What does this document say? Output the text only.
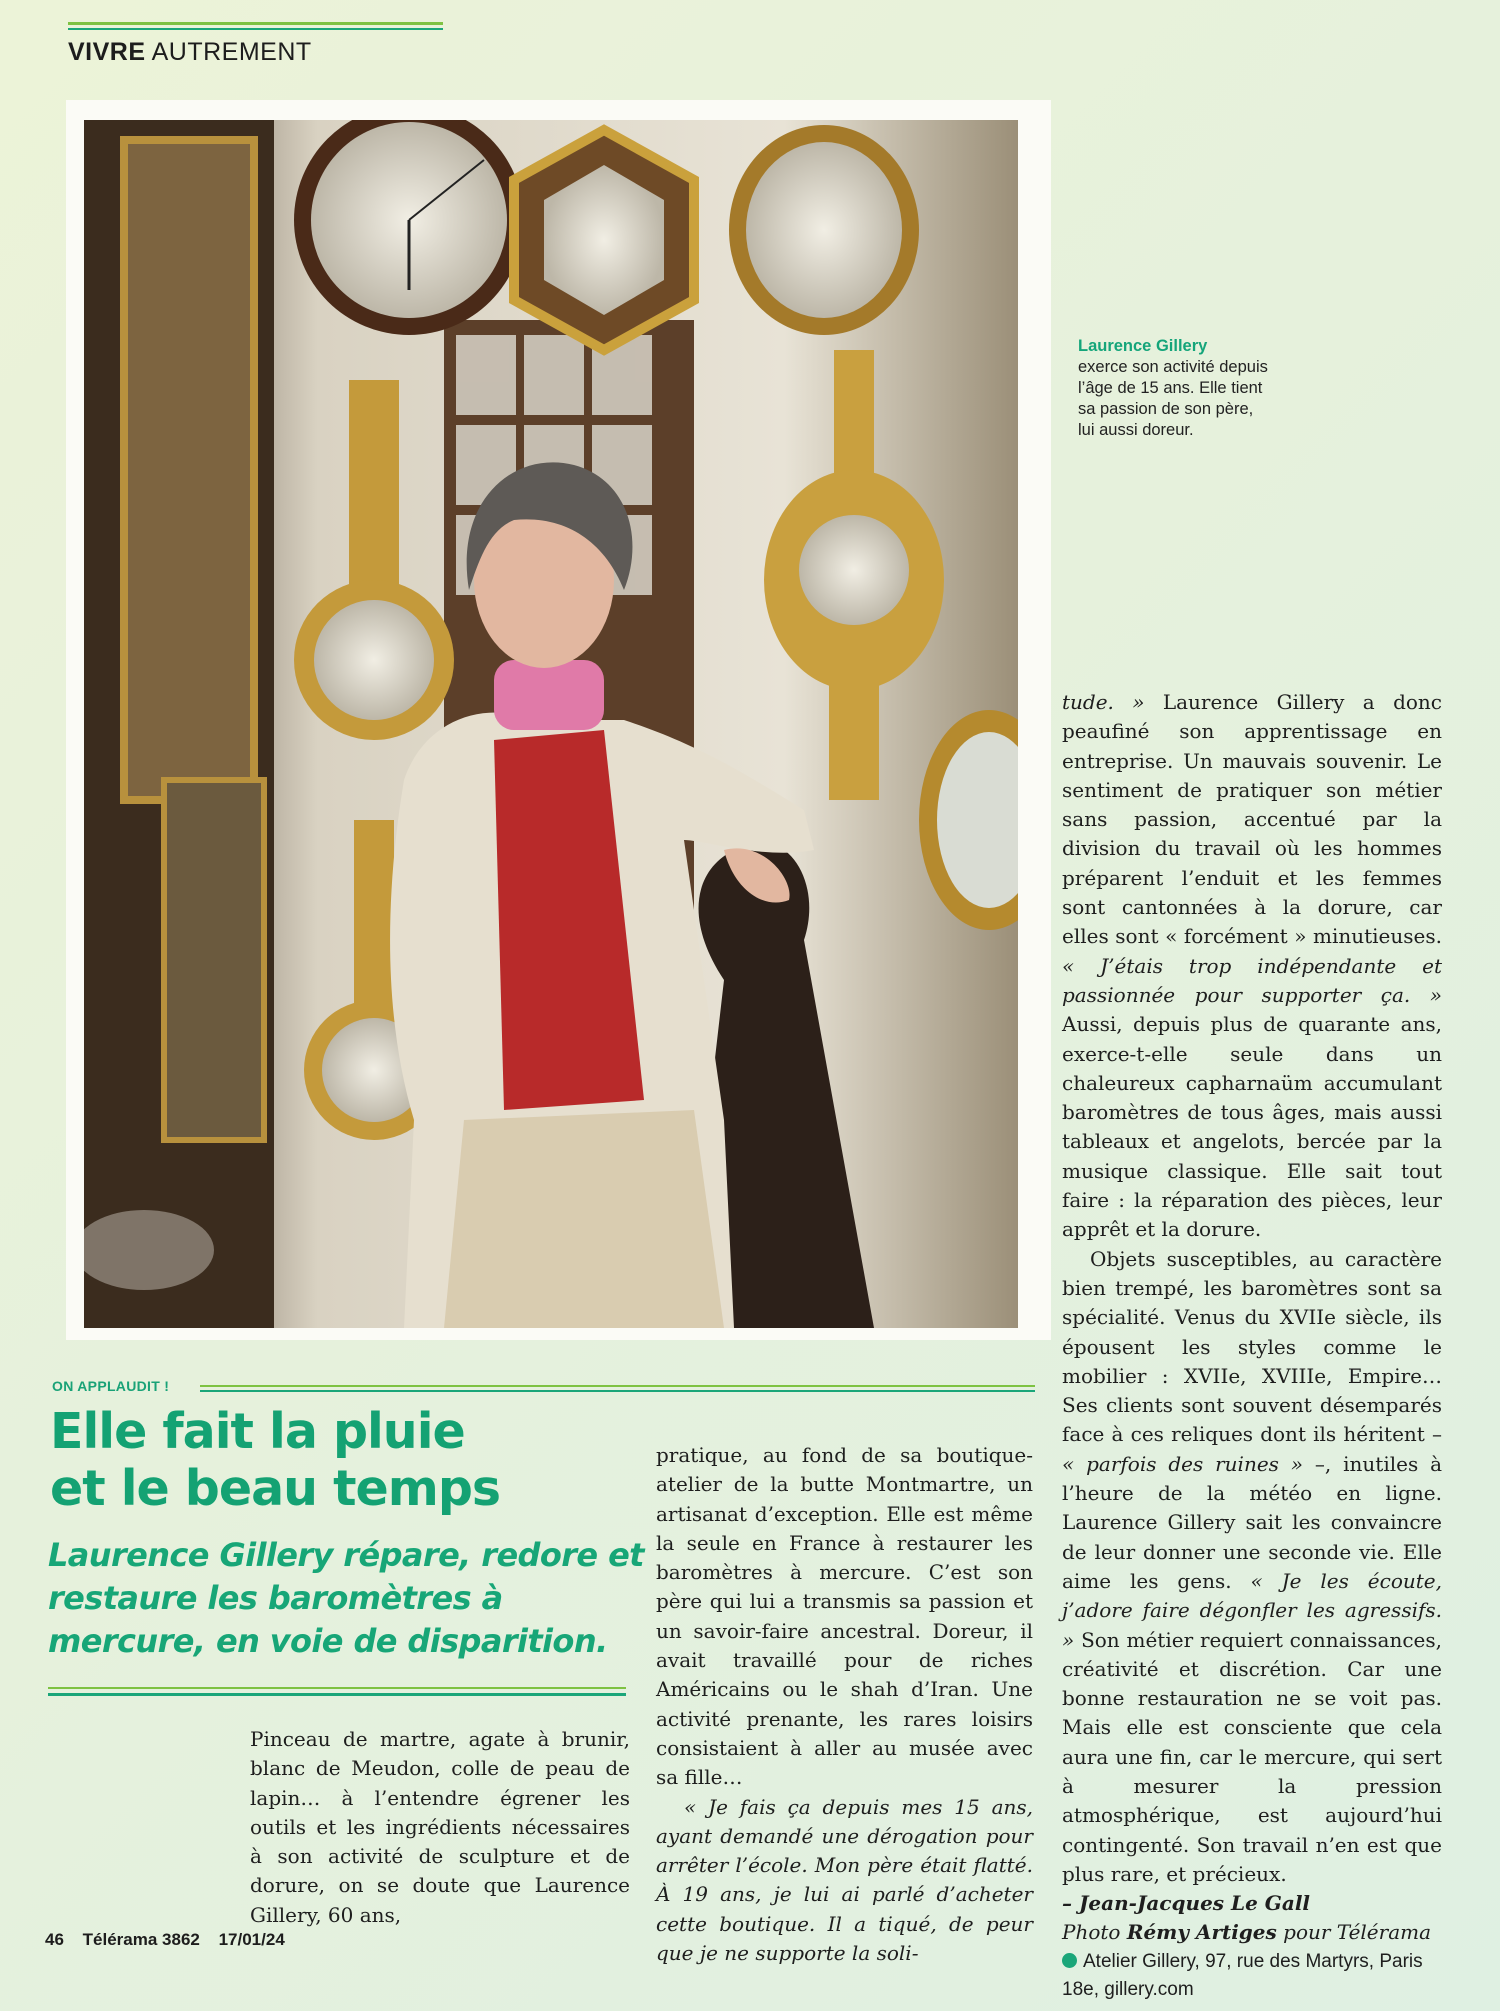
VIVRE AUTREMENT
Laurence Gillery
exerce son activité depuis l’âge de 15 ans. Elle tient sa passion de son père, lui aussi doreur.
ON APPLAUDIT !
Elle fait la pluie
et le beau temps
Laurence Gillery répare, redore et restaure les baromètres à mercure, en voie de disparition.

Pinceau de martre, agate à brunir, blanc de Meudon, colle de peau de lapin… à l’entendre égrener les outils et les ingrédients nécessaires à son activité de sculpture et de dorure, on se doute que Laurence Gillery, 60 ans,

pratique, au fond de sa boutique-atelier de la butte Montmartre, un artisanat d’exception. Elle est même la seule en France à restaurer les baromètres à mercure. C’est son père qui lui a transmis sa passion et un savoir-faire ancestral. Doreur, il avait travaillé pour de riches Américains ou le shah d’Iran. Une activité prenante, les rares loisirs consistaient à aller au musée avec sa fille…

« Je fais ça depuis mes 15 ans, ayant demandé une dérogation pour arrêter l’école. Mon père était flatté. À 19 ans, je lui ai parlé d’acheter cette boutique. Il a tiqué, de peur que je ne supporte la soli-

tude. » Laurence Gillery a donc peaufiné son apprentissage en entreprise. Un mauvais souvenir. Le sentiment de pratiquer son métier sans passion, accentué par la division du travail où les hommes préparent l’enduit et les femmes sont cantonnées à la dorure, car elles sont « forcément » minutieuses. « J’étais trop indépendante et passionnée pour supporter ça. » Aussi, depuis plus de quarante ans, exerce-t-elle seule dans un chaleureux capharnaüm accumulant baromètres de tous âges, mais aussi tableaux et angelots, bercée par la musique classique. Elle sait tout faire : la réparation des pièces, leur apprêt et la dorure.

Objets susceptibles, au caractère bien trempé, les baromètres sont sa spécialité. Venus du XVIIe siècle, ils épousent les styles comme le mobilier : XVIIe, XVIIIe, Empire… Ses clients sont souvent désemparés face à ces reliques dont ils héritent – « parfois des ruines » –, inutiles à l’heure de la météo en ligne. Laurence Gillery sait les convaincre de leur donner une seconde vie. Elle aime les gens. « Je les écoute, j’adore faire dégonfler les agressifs. » Son métier requiert connaissances, créativité et discrétion. Car une bonne restauration ne se voit pas. Mais elle est consciente que cela aura une fin, car le mercure, qui sert à mesurer la pression atmosphérique, est aujourd’hui contingenté. Son travail n’en est que plus rare, et précieux.

– Jean-Jacques Le Gall
Photo Rémy Artiges pour Télérama

Atelier Gillery, 97, rue des Martyrs, Paris 18e, gillery.com

46 Télérama 3862 17/01/24
